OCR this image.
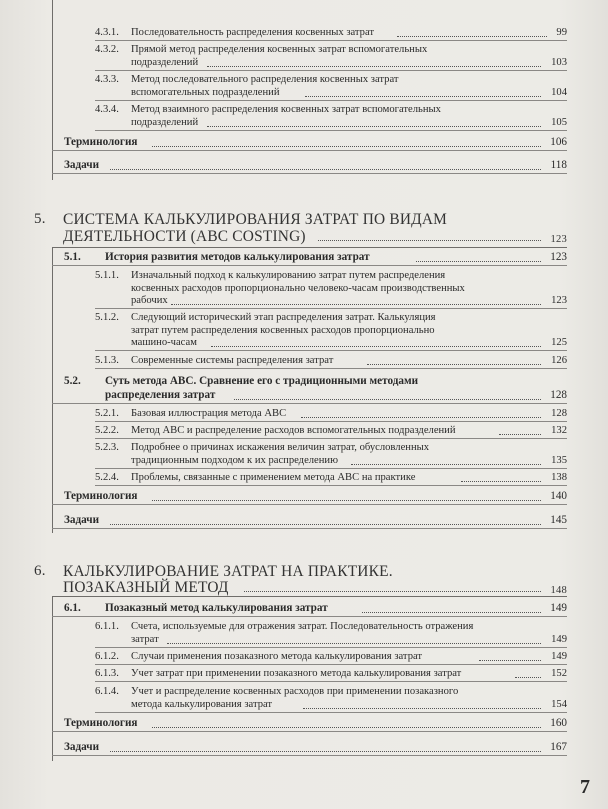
4.3.1. Последовательность распределения косвенных затрат	99
4.3.2. Прямой метод распределения косвенных затрат вспомогательных
подразделений	103
4.3.3. Метод последовательного распределения косвенных затрат
вспомогательных подразделений	104
4.3.4. Метод взаимного распределения косвенных затрат вспомогательных
подразделений	105
Терминология	106
Задачи	118
5. СИСТЕМА КАЛЬКУЛИРОВАНИЯ ЗАТРАТ ПО ВИДАМ
ДЕЯТЕЛЬНОСТИ (ABC COSTING)	123
5.1. История развития методов калькулирования затрат	123
5.1.1. Изначальный подход к калькулированию затрат путем распределения
косвенных расходов пропорционально человеко-часам производственных
рабочих	123
5.1.2. Следующий исторический этап распределения затрат. Калькуляция
затрат путем распределения косвенных расходов пропорционально
машино-часам	125
5.1.3. Современные системы распределения затрат	126
5.2. Суть метода ABC. Сравнение его с традиционными методами
распределения затрат	128
5.2.1. Базовая иллюстрация метода ABC	128
5.2.2. Метод ABC и распределение расходов вспомогательных подразделений	132
5.2.3. Подробнее о причинах искажения величин затрат, обусловленных
традиционным подходом к их распределению	135
5.2.4. Проблемы, связанные с применением метода ABC на практике	138
Терминология	140
Задачи	145
6. КАЛЬКУЛИРОВАНИЕ ЗАТРАТ НА ПРАКТИКЕ.
ПОЗАКАЗНЫЙ МЕТОД	148
6.1. Позаказный метод калькулирования затрат	149
6.1.1. Счета, используемые для отражения затрат. Последовательность отражения
затрат	149
6.1.2. Случаи применения позаказного метода калькулирования затрат	149
6.1.3. Учет затрат при применении позаказного метода калькулирования затрат	152
6.1.4. Учет и распределение косвенных расходов при применении позаказного
метода калькулирования затрат	154
Терминология	160
Задачи	167
7
